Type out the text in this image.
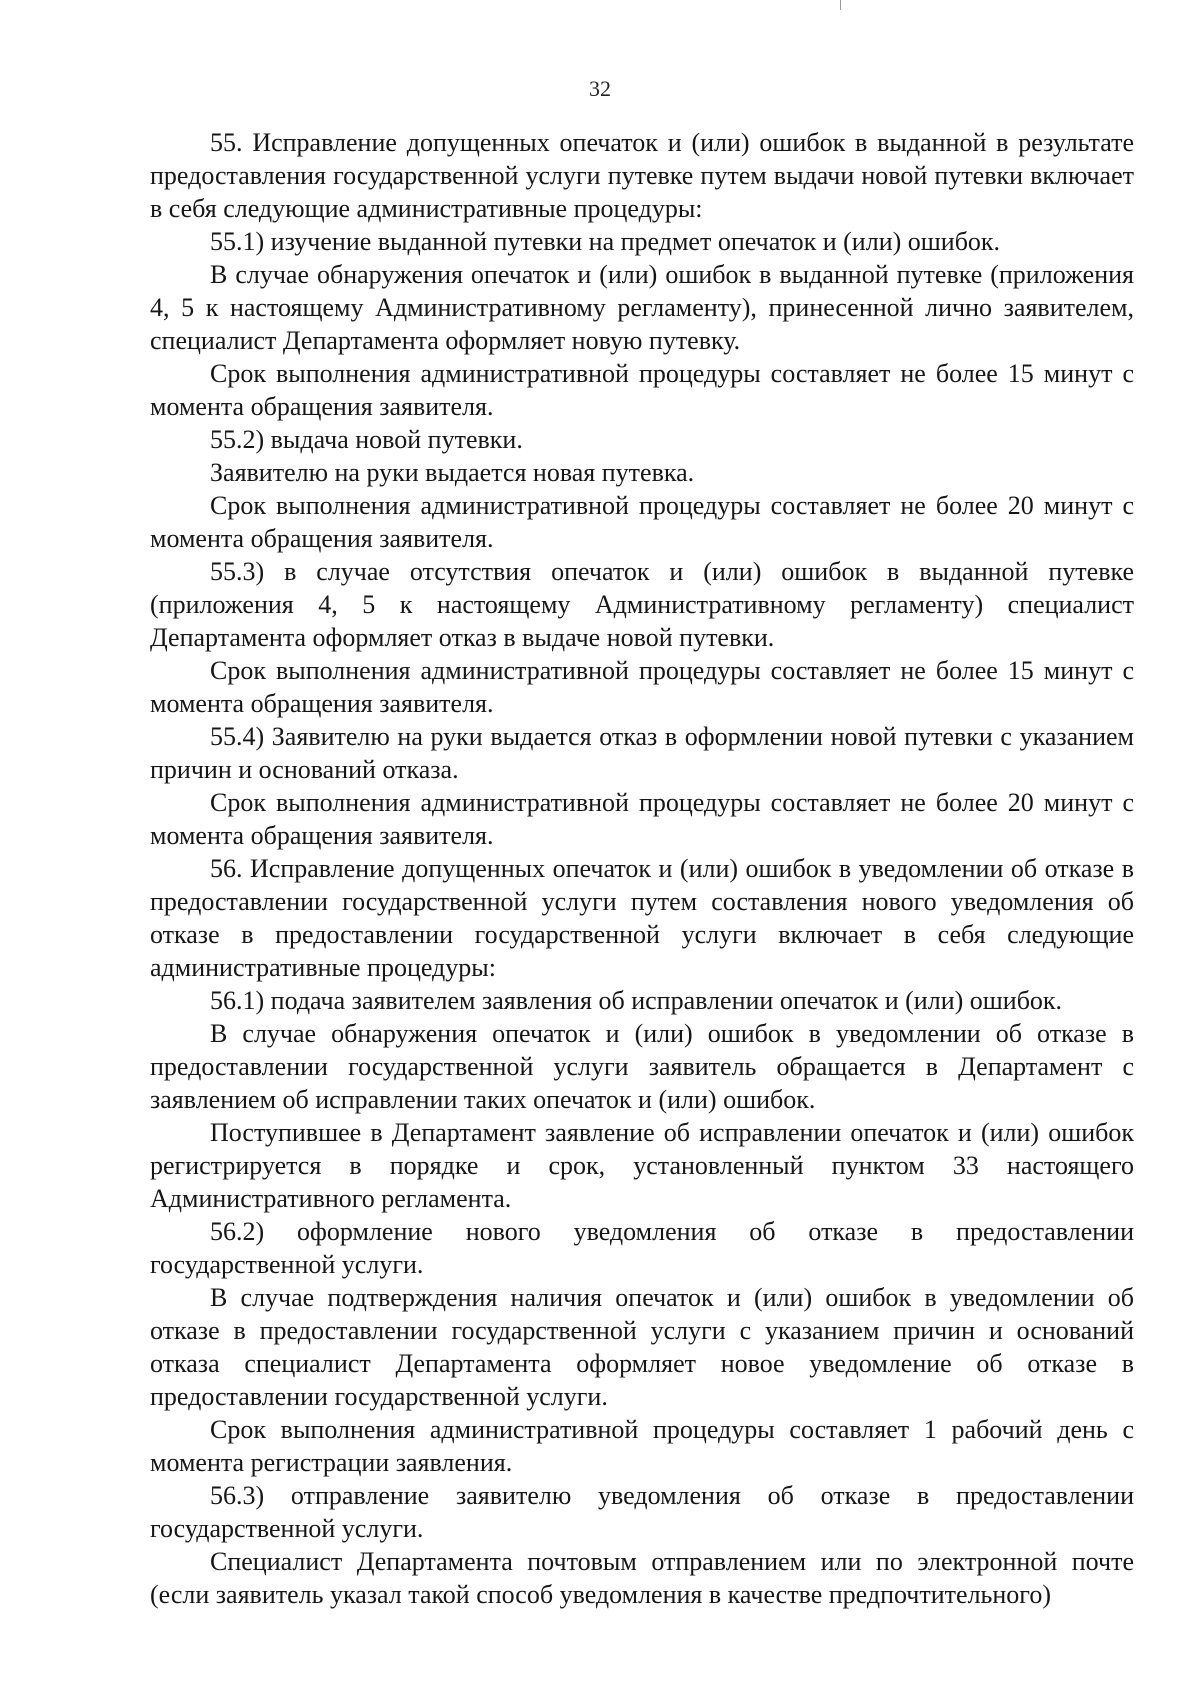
32

55. Исправление допущенных опечаток и (или) ошибок в выданной в результате предоставления государственной услуги путевке путем выдачи новой путевки включает в себя следующие административные процедуры:

55.1) изучение выданной путевки на предмет опечаток и (или) ошибок.

В случае обнаружения опечаток и (или) ошибок в выданной путевке (приложения 4, 5 к настоящему Административному регламенту), принесенной лично заявителем, специалист Департамента оформляет новую путевку.

Срок выполнения административной процедуры составляет не более 15 минут с момента обращения заявителя.

55.2) выдача новой путевки.

Заявителю на руки выдается новая путевка.

Срок выполнения административной процедуры составляет не более 20 минут с момента обращения заявителя.

55.3) в случае отсутствия опечаток и (или) ошибок в выданной путевке (приложения 4, 5 к настоящему Административному регламенту) специалист Департамента оформляет отказ в выдаче новой путевки.

Срок выполнения административной процедуры составляет не более 15 минут с момента обращения заявителя.

55.4) Заявителю на руки выдается отказ в оформлении новой путевки с указанием причин и оснований отказа.

Срок выполнения административной процедуры составляет не более 20 минут с момента обращения заявителя.

56. Исправление допущенных опечаток и (или) ошибок в уведомлении об отказе в предоставлении государственной услуги путем составления нового уведомления об отказе в предоставлении государственной услуги включает в себя следующие административные процедуры:

56.1) подача заявителем заявления об исправлении опечаток и (или) ошибок.

В случае обнаружения опечаток и (или) ошибок в уведомлении об отказе в предоставлении государственной услуги заявитель обращается в Департамент с заявлением об исправлении таких опечаток и (или) ошибок.

Поступившее в Департамент заявление об исправлении опечаток и (или) ошибок регистрируется в порядке и срок, установленный пунктом 33 настоящего Административного регламента.

56.2) оформление нового уведомления об отказе в предоставлении государственной услуги.

В случае подтверждения наличия опечаток и (или) ошибок в уведомлении об отказе в предоставлении государственной услуги с указанием причин и оснований отказа специалист Департамента оформляет новое уведомление об отказе в предоставлении государственной услуги.

Срок выполнения административной процедуры составляет 1 рабочий день с момента регистрации заявления.

56.3) отправление заявителю уведомления об отказе в предоставлении государственной услуги.

Специалист Департамента почтовым отправлением или по электронной почте (если заявитель указал такой способ уведомления в качестве предпочтительного)
